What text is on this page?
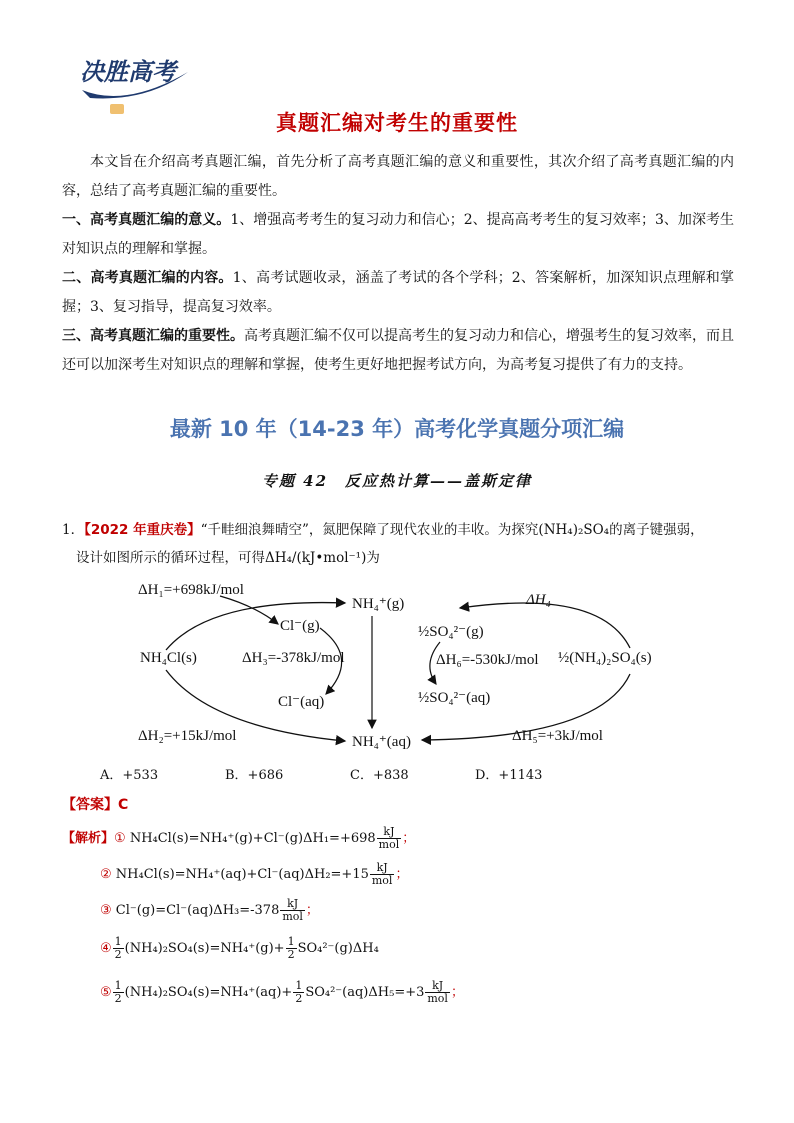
决胜高考
真题汇编对考生的重要性
本文旨在介绍高考真题汇编，首先分析了高考真题汇编的意义和重要性，其次介绍了高考真题汇编的内容，总结了高考真题汇编的重要性。
一、高考真题汇编的意义。1、增强高考考生的复习动力和信心；2、提高高考考生的复习效率；3、加深考生对知识点的理解和掌握。
二、高考真题汇编的内容。1、高考试题收录，涵盖了考试的各个学科；2、答案解析，加深知识点理解和掌握；3、复习指导，提高复习效率。
三、高考真题汇编的重要性。高考真题汇编不仅可以提高考生的复习动力和信心，增强考生的复习效率，而且还可以加深考生对知识点的理解和掌握，使考生更好地把握考试方向，为高考复习提供了有力的支持。
最新 10 年（14-23 年）高考化学真题分项汇编
专题 42　反应热计算——盖斯定律
1．【2022 年重庆卷】“千畦细浪舞晴空”，氮肥保障了现代农业的丰收。为探究(NH₄)₂SO₄的离子键强弱，
设计如图所示的循环过程，可得ΔH₄/(kJ•mol⁻¹)为
ΔH₁=+698kJ/mol
NH₄⁺(g)	ΔH₄
Cl⁻(g)	½SO₄²⁻(g)
NH₄Cl(s)	ΔH₃=-378kJ/mol	ΔH₆=-530kJ/mol ½(NH₄)₂SO₄(s)
½SO₄²⁻(aq)
Cl⁻(aq)
ΔH₂=+15kJ/mol	NH₄⁺(aq)	ΔH₅=+3kJ/mol
A．+533	B．+686	C．+838	D．+1143
【答案】C
【解析】① $NH_4Cl(s)=NH_4^+(g)+Cl^-(g)\Delta H_1=+698 \frac{kJ}{\text{mol}}$ ；
② $NH_4Cl(s)=NH_4^+(aq)+Cl^-(aq)\Delta H_2=+15 \frac{kJ}{\text{mol}}$ ；
③ $Cl^-(g)=Cl^-(aq)\Delta H_3=-378 \frac{kJ}{\text{mol}}$ ；
④ $\frac{1}{2} (NH_4)_2SO_4(s)=NH_4^+(g)+ \frac{1}{2} SO_4^{2-}(g)\Delta H_4$
⑤ $\frac{1}{2} (NH_4)_2SO_4(s)=NH_4^+(aq)+ \frac{1}{2} SO_4^{2-}(aq)\Delta H_5=+3 \frac{kJ}{\text{mol}}$ ；
